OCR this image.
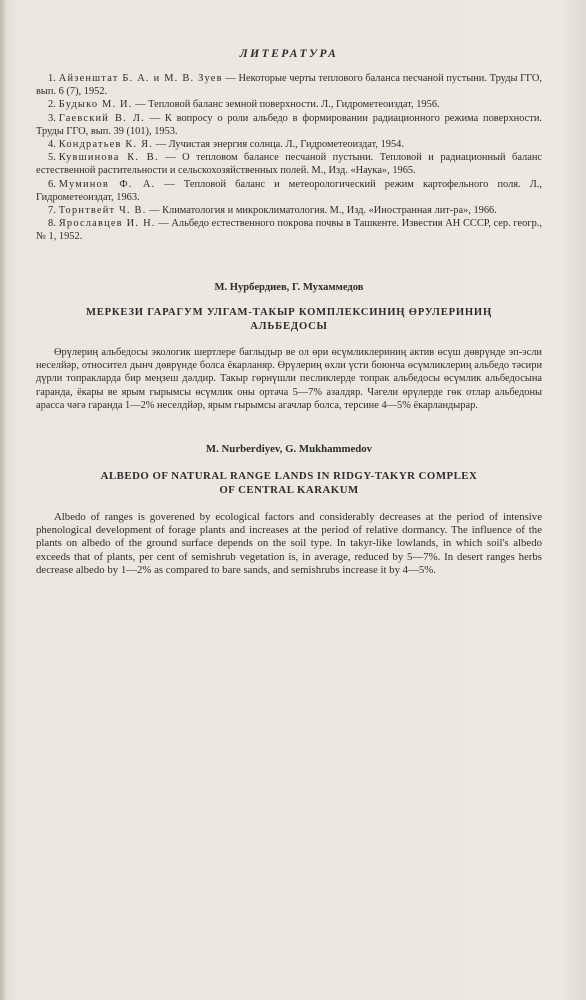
ЛИТЕРАТУРА
1. Айзенштат Б. А. и М. В. Зуев — Некоторые черты теплового баланса песчаной пустыни. Труды ГГО, вып. 6 (7), 1952.
2. Будыко М. И. — Тепловой баланс земной поверхности. Л., Гидрометеоиздат, 1956.
3. Гаевский В. Л. — К вопросу о роли альбедо в формировании радиационного режима поверхности. Труды ГГО, вып. 39 (101), 1953.
4. Кондратьев К. Я. — Лучистая энергия солнца. Л., Гидрометеоиздат, 1954.
5. Кувшинова К. В. — О тепловом балансе песчаной пустыни. Тепловой и радиационный баланс естественной растительности и сельскохозяйственных полей. М., Изд. «Наука», 1965.
6. Муминов Ф. А. — Тепловой баланс и метеорологический режим картофельного поля. Л., Гидрометеоиздат, 1963.
7. Торнтвейт Ч. В. — Климатология и микроклиматология. М., Изд. «Иностранная лит-ра», 1966.
8. Ярославцев И. Н. — Альбедо естественного покрова почвы в Ташкенте. Известия АН СССР, сер. геогр., № 1, 1952.

М. Нурбердиев, Г. Мухаммедов

МЕРКЕЗИ ГАРАГУМ УЛГАМ-ТАКЫР КОМПЛЕКСИНИҢ ӨРУЛЕРИНИҢ

АЛЬБЕДОСЫ

Өрүлериң альбедосы экологик шертлере баглыдыр ве ол өри өсүмликлериниң актив өсүш дөврүнде эп-эсли неселйәр, относител дынч дөврүнде болса ёкарланяр. Өрүлериң өхли үсти боюнча өсүмликлериң альбедо тәсири дүрли топракларда бир меңзеш дәлдир. Такыр гөрнүшли песликлерде топрак альбедосы өсүмлик альбедосына гаранда, ёкары ве ярым гырымсы өсүмлик оны ортача 5—7% азалдяр. Чәгели өрүлерде гөк отлар альбедоны арасса чәгә гаранда 1—2% неселдйәр, ярым гырымсы агачлар болса, терсине 4—5% ёкарландырар.

M. Nurberdiyev, G. Mukhammedov

ALBEDO OF NATURAL RANGE LANDS IN RIDGY-TAKYR COMPLEX

OF CENTRAL KARAKUM

Albedo of ranges is goverened by ecological factors and considerably decreases at the period of intensive phenological development of forage plants and increases at the period of relative dormancy. The influence of the plants on albedo of the ground surface depends on the soil type. In takyr-like lowlands, in which soil's albedo exceeds that of plants, per cent of semishrub vegetation is, in average, reduced by 5—7%. In desert ranges herbs decrease albedo by 1—2% as compared to bare sands, and semishrubs increase it by 4—5%.
